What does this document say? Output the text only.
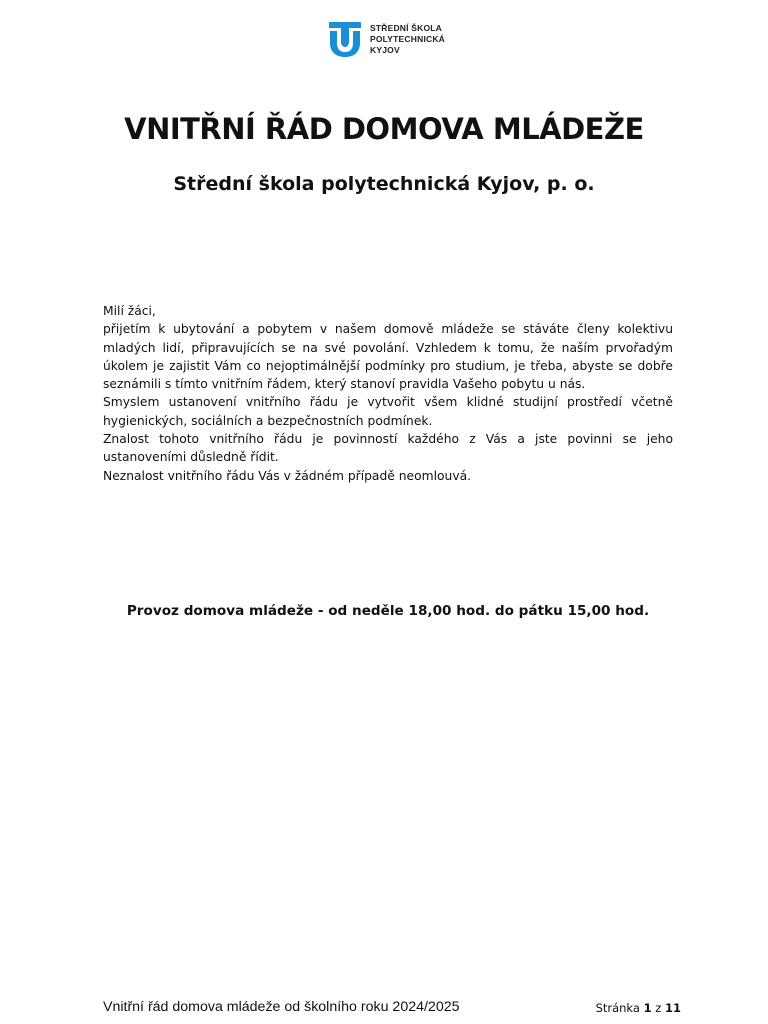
STŘEDNÍ ŠKOLA
POLYTECHNICKÁ
KYJOV
VNITŘNÍ ŘÁD DOMOVA MLÁDEŽE
Střední škola polytechnická Kyjov, p. o.

Milí žáci,

přijetím k ubytování a pobytem v našem domově mládeže se stáváte členy kolektivu mladých lidí, připravujících se na své povolání. Vzhledem k tomu, že naším prvořadým úkolem je zajistit Vám co nejoptimálnější podmínky pro studium, je třeba, abyste se dobře seznámili s tímto vnitřním řádem, který stanoví pravidla Vašeho pobytu u nás.

Smyslem ustanovení vnitřního řádu je vytvořit všem klidné studijní prostředí včetně hygienických, sociálních a bezpečnostních podmínek.

Znalost tohoto vnitřního řádu je povinností každého z Vás a jste povinni se jeho ustanoveními důsledně řídit.

Neznalost vnitřního řádu Vás v žádném případě neomlouvá.

Provoz domova mládeže - od neděle 18,00 hod. do pátku 15,00 hod.

Vnitřní řád domova mládeže od školního roku 2024/2025	Stránka 1 z 11
